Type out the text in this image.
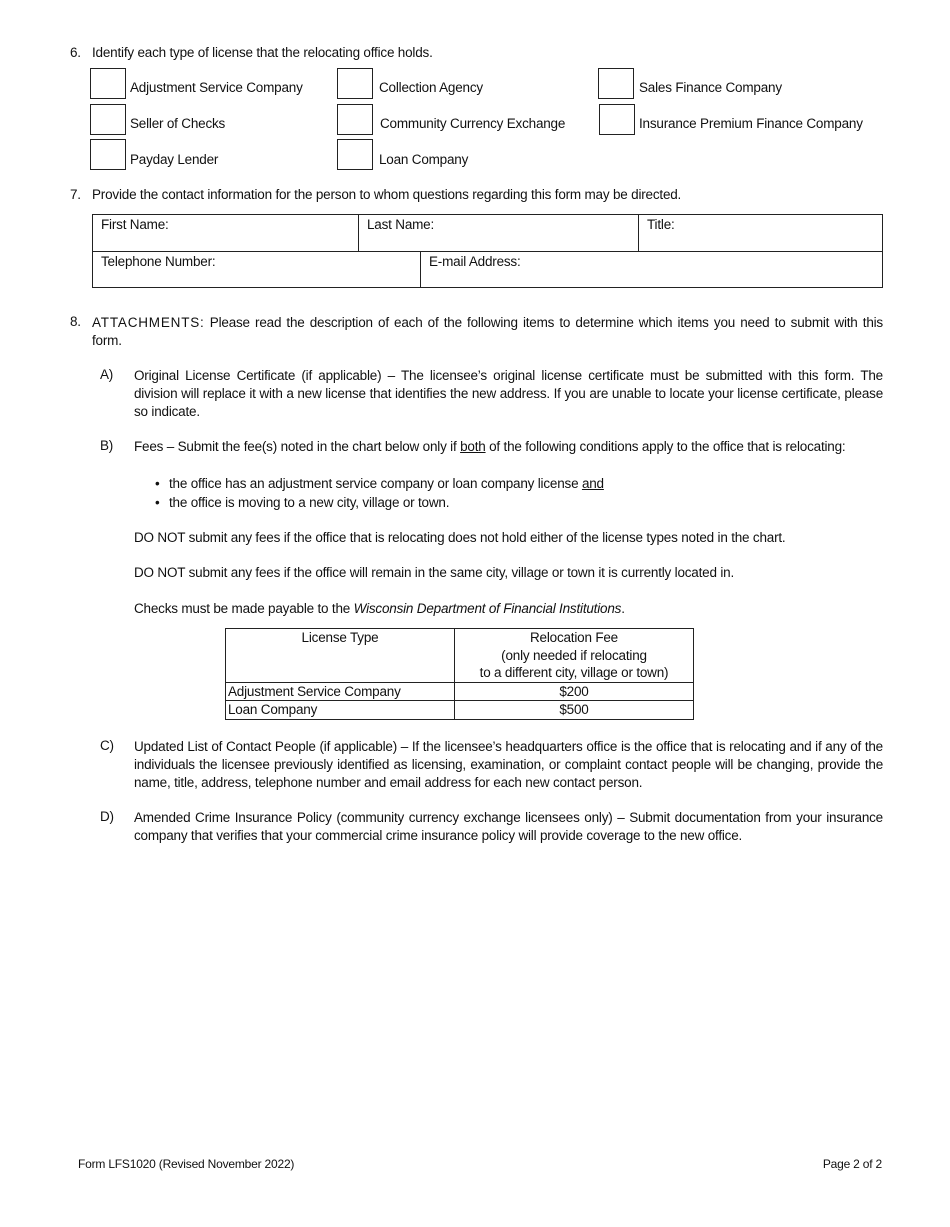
6. Identify each type of license that the relocating office holds.
Adjustment Service Company	Collection Agency	Sales Finance Company
Seller of Checks	Community Currency Exchange	Insurance Premium Finance Company
Payday Lender	Loan Company
7. Provide the contact information for the person to whom questions regarding this form may be directed.
First Name:	Last Name:	Title:
Telephone Number:	E-mail Address:
8. ATTACHMENTS: Please read the description of each of the following items to determine which items you need to submit with this form.
A) Original License Certificate (if applicable) – The licensee’s original license certificate must be submitted with this form. The division will replace it with a new license that identifies the new address. If you are unable to locate your license certificate, please so indicate.
B) Fees – Submit the fee(s) noted in the chart below only if both of the following conditions apply to the office that is relocating:
• the office has an adjustment service company or loan company license and
• the office is moving to a new city, village or town.
DO NOT submit any fees if the office that is relocating does not hold either of the license types noted in the chart.
DO NOT submit any fees if the office will remain in the same city, village or town it is currently located in.
Checks must be made payable to the Wisconsin Department of Financial Institutions.
License Type	Relocation Fee
(only needed if relocating
to a different city, village or town)

Adjustment Service Company	$200
Loan Company	$500
C) Updated List of Contact People (if applicable) – If the licensee’s headquarters office is the office that is relocating and if any of the individuals the licensee previously identified as licensing, examination, or complaint contact people will be changing, provide the name, title, address, telephone number and email address for each new contact person.
D) Amended Crime Insurance Policy (community currency exchange licensees only) – Submit documentation from your insurance company that verifies that your commercial crime insurance policy will provide coverage to the new office.
Form LFS1020 (Revised November 2022)	Page 2 of 2
